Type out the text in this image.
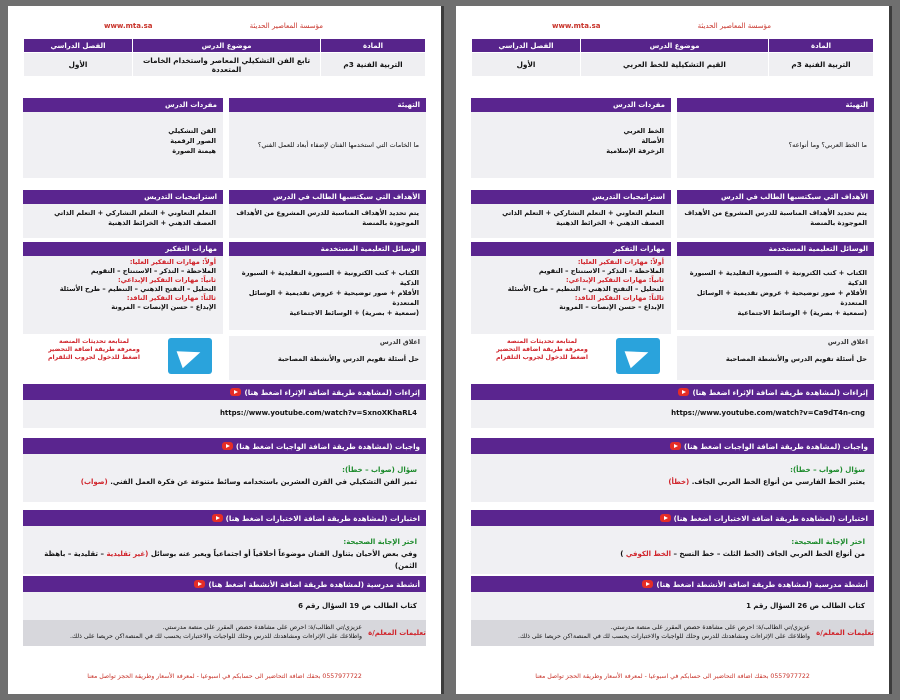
مؤسسة المعاصير الحديثة
www.mta.sa
المادة	موضوع الدرس	الفصل الدراسي
التربية الفنية 3م	تابع الفن التشكيلي المعاصر واستخدام الخامات المتعددة	الأول
التهيئة
ما الخامات التي استخدمها الفنان لإضفاء أبعاد للعمل الفني؟
مفردات الدرس
الفن التشكيلي
الصور الرقمية
هيمنة الصورة
الأهداف التي سيكتسبها الطالب في الدرس
يتم تحديد الأهداف المناسبة للدرس المشروع من الأهداف الموجودة بالمنصة
استراتيجيات التدريس
التعلم التعاوني + التعلم التشاركي + التعلم الذاتي
العصف الذهني + الخرائط الذهنية
الوسائل التعليمية المستخدمة
الكتاب + كتب الكترونية + السبورة التقليدية + السبورة الذكية
الأقلام + صور توضيحية + عروض تقديمية + الوسائل المتعددة
(سمعية + بصرية) + الوسائط الاجتماعية
مهارات التفكير
أولاً: مهارات التفكير العليا:
الملاحظة – التذكر – الاستنتاج – التقويم
ثانياً: مهارات التفكير الإبداعي:
التحليل – التفتح الذهني – التنظيم – طرح الأسئلة
ثالثاً: مهارات التفكير الناقد:
الإبداع – حسن الإنصات – المرونة
اغلاق الدرس
حل أسئلة تقويم الدرس والأنشطة المصاحبة
لمتابعة تحديثات المنصة
ومعرفة طريقة اضافة التحضير
اضغط للدخول لجروب التلقرام
إثراءات

(لمشاهدة طريقة اضافة الإثراء اضغط هنا)
https://www.youtube.com/watch?v=SxnoXKhaRL4
واجبات

(لمشاهدة طريقة اضافة الواجبات اضغط هنا)
سؤال (صواب – خطأ):
تميز الفن التشكيلي في القرن العشرين باستخدامه وسائط متنوعة عن فكرة العمل الفني. (صواب)
اختبارات

(لمشاهدة طريقة اضافة الاختبارات اضغط هنا)
اختر الإجابة الصحيحة:
وفي بعض الأحيان يتناول الفنان موضوعاً أخلاقياً أو اجتماعياً ويعبر عنه بوسائل (غير تقليدية – تقليدية – باهظة الثمن)
أنشطة مدرسية

(لمشاهدة طريقة اضافة الأنشطة اضغط هنا)
كتاب الطالب ص 19 السؤال رقم 6
عزيزي/تي الطالب/ة: احرص على مشاهدة حصص المقرر على منصة مدرستي.
واطلاعك على الإثراءات ومشاهدتك للدرس وحلك للواجبات والاختبارات يحسب لك في المنصة!كن حريصا على ذلك. تعليمات المعلم/ة
0557977722 بحقك اضافة التحاضير الى حسابكم في اسبوعيا - لمعرفة الأسعار وطريقة الحجز تواصل معنا
مؤسسة المعاصير الحديثة
www.mta.sa
المادة	موضوع الدرس	الفصل الدراسي
التربية الفنية 3م	القيم التشكيلية للخط العربي	الأول
التهيئة
ما الخط العربي؟ وما أنواعه؟
مفردات الدرس
الخط العربي
الأصالة
الزخرفة الإسلامية
الأهداف التي سيكتسبها الطالب في الدرس
يتم تحديد الأهداف المناسبة للدرس المشروع من الأهداف الموجودة بالمنصة
استراتيجيات التدريس
التعلم التعاوني + التعلم التشاركي + التعلم الذاتي
العصف الذهني + الخرائط الذهنية
الوسائل التعليمية المستخدمة
الكتاب + كتب الكترونية + السبورة التقليدية + السبورة الذكية
الأقلام + صور توضيحية + عروض تقديمية + الوسائل المتعددة
(سمعية + بصرية) + الوسائط الاجتماعية
مهارات التفكير
أولاً: مهارات التفكير العليا:
الملاحظة – التذكر – الاستنتاج – التقويم
ثانياً: مهارات التفكير الإبداعي:
التحليل – التفتح الذهني – التنظيم – طرح الأسئلة
ثالثاً: مهارات التفكير الناقد:
الإبداع – حسن الإنصات – المرونة
اغلاق الدرس
حل أسئلة تقويم الدرس والأنشطة المصاحبة
لمتابعة تحديثات المنصة
ومعرفة طريقة اضافة التحضير
اضغط للدخول لجروب التلقرام
إثراءات

(لمشاهدة طريقة اضافة الإثراء اضغط هنا)
https://www.youtube.com/watch?v=Ca9dT4n-cng
واجبات

(لمشاهدة طريقة اضافة الواجبات اضغط هنا)
سؤال (صواب – خطأ):
يعتبر الخط الفارسي من أنواع الخط العربي الجاف. (خطأ)
اختبارات

(لمشاهدة طريقة اضافة الاختبارات اضغط هنا)
اختر الإجابة الصحيحة:
من أنواع الخط العربي الجاف (الخط الثلث – خط النسخ – الخط الكوفي )
أنشطة مدرسية

(لمشاهدة طريقة اضافة الأنشطة اضغط هنا)
كتاب الطالب ص 26 السؤال رقم 1
عزيزي/تي الطالب/ة: احرص على مشاهدة حصص المقرر على منصة مدرستي.
واطلاعك على الإثراءات ومشاهدتك للدرس وحلك للواجبات والاختبارات يحسب لك في المنصة!كن حريصا على ذلك. تعليمات المعلم/ة
0557977722 بحقك اضافة التحاضير الى حسابكم في اسبوعيا - لمعرفة الأسعار وطريقة الحجز تواصل معنا
